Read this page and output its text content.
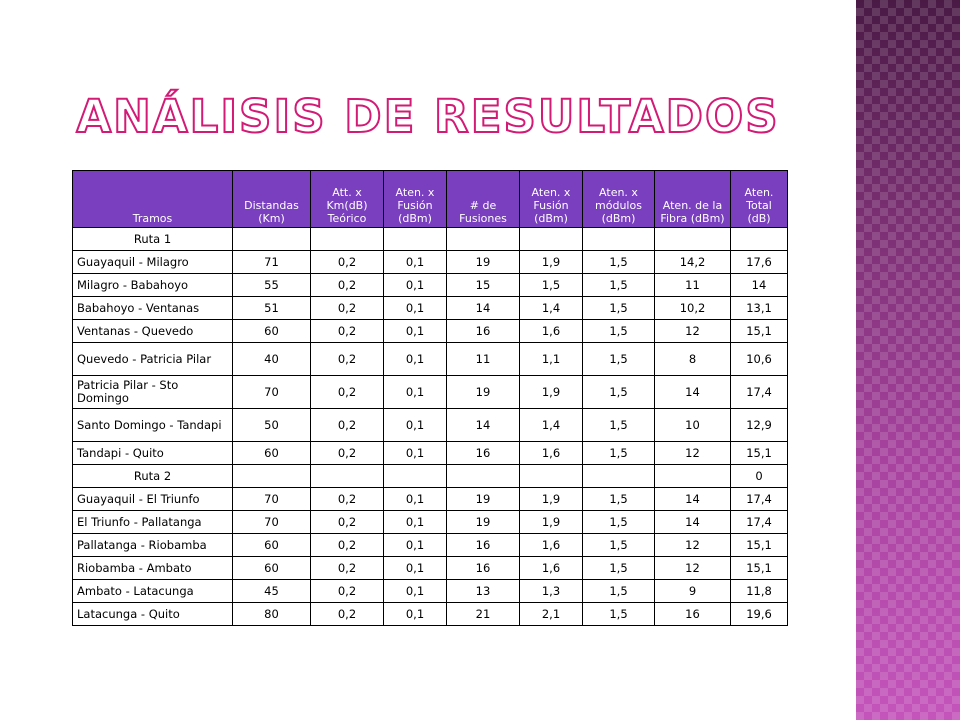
ANÁLISIS DE RESULTADOS
Tramos	Distandas (Km)	Att. x Km(dB) Teórico	Aten. x Fusión (dBm)	# de Fusiones	Aten. x Fusión (dBm)	Aten. x módulos (dBm)	Aten. de la Fibra (dBm)	Aten. Total (dB)
Ruta 1								
Guayaquil - Milagro	71	0,2	0,1	19	1,9	1,5	14,2	17,6
Milagro - Babahoyo	55	0,2	0,1	15	1,5	1,5	11	14
Babahoyo - Ventanas	51	0,2	0,1	14	1,4	1,5	10,2	13,1
Ventanas - Quevedo	60	0,2	0,1	16	1,6	1,5	12	15,1
Quevedo - Patricia Pilar	40	0,2	0,1	11	1,1	1,5	8	10,6
Patricia Pilar - Sto Domingo	70	0,2	0,1	19	1,9	1,5	14	17,4
Santo Domingo - Tandapi	50	0,2	0,1	14	1,4	1,5	10	12,9
Tandapi - Quito	60	0,2	0,1	16	1,6	1,5	12	15,1
Ruta 2								0
Guayaquil - El Triunfo	70	0,2	0,1	19	1,9	1,5	14	17,4
El Triunfo - Pallatanga	70	0,2	0,1	19	1,9	1,5	14	17,4
Pallatanga - Riobamba	60	0,2	0,1	16	1,6	1,5	12	15,1
Riobamba - Ambato	60	0,2	0,1	16	1,6	1,5	12	15,1
Ambato - Latacunga	45	0,2	0,1	13	1,3	1,5	9	11,8
Latacunga - Quito	80	0,2	0,1	21	2,1	1,5	16	19,6
